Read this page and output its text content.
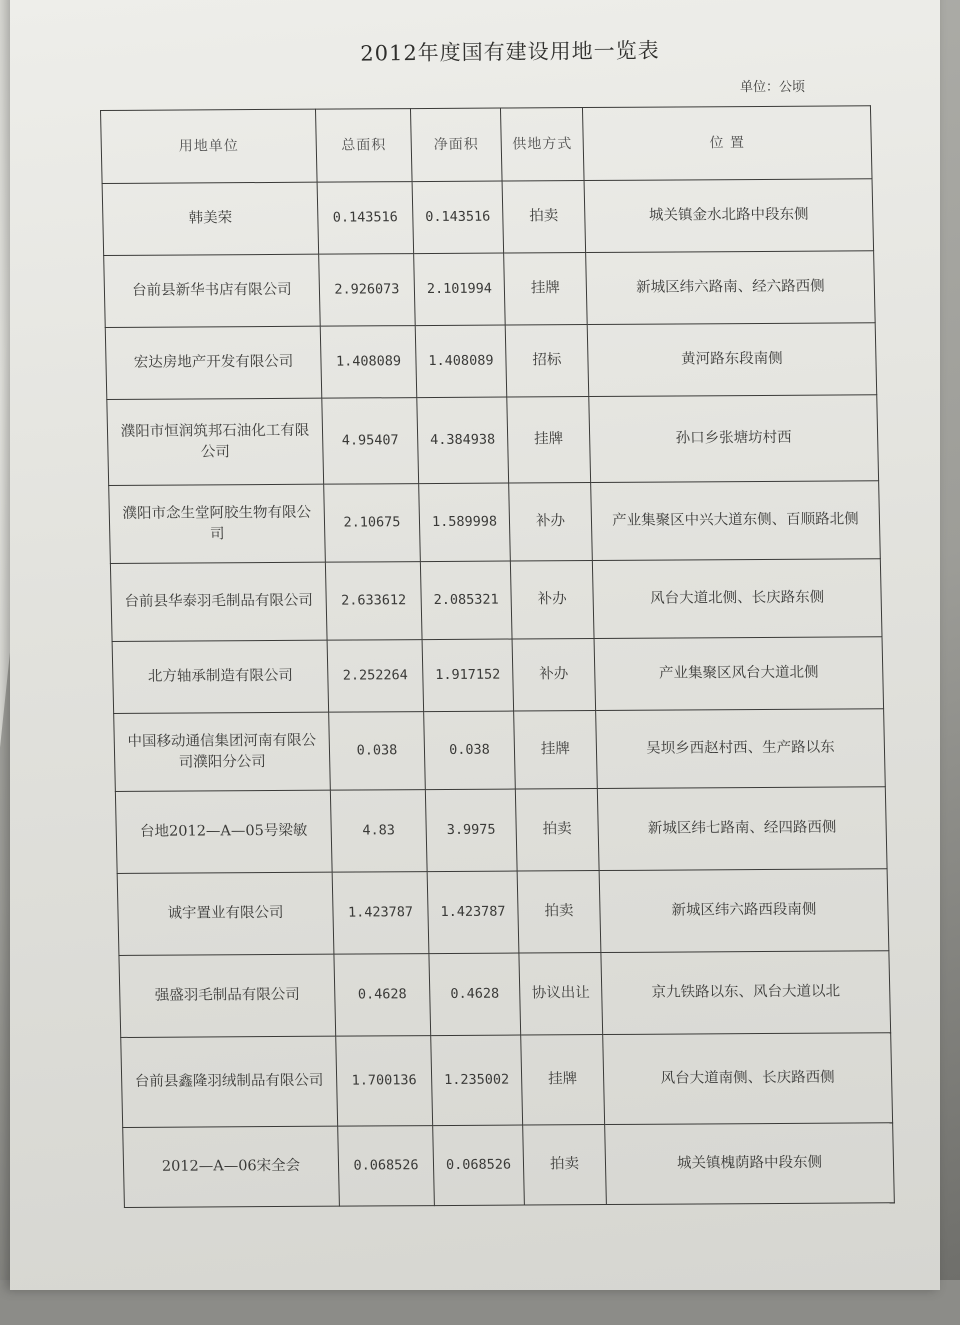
2012年度国有建设用地一览表
单位：公顷
用地单位	总面积	净面积	供地方式	位 置
韩美荣	0.143516	0.143516	拍卖	城关镇金水北路中段东侧
台前县新华书店有限公司	2.926073	2.101994	挂牌	新城区纬六路南、经六路西侧
宏达房地产开发有限公司	1.408089	1.408089	招标	黄河路东段南侧
濮阳市恒润筑邦石油化工有限公司	4.95407	4.384938	挂牌	孙口乡张塘坊村西
濮阳市念生堂阿胶生物有限公司	2.10675	1.589998	补办	产业集聚区中兴大道东侧、百顺路北侧
台前县华泰羽毛制品有限公司	2.633612	2.085321	补办	风台大道北侧、长庆路东侧
北方轴承制造有限公司	2.252264	1.917152	补办	产业集聚区风台大道北侧
中国移动通信集团河南有限公司濮阳分公司	0.038	0.038	挂牌	吴坝乡西赵村西、生产路以东
台地2012—A—05号梁敏	4.83	3.9975	拍卖	新城区纬七路南、经四路西侧
诚宇置业有限公司	1.423787	1.423787	拍卖	新城区纬六路西段南侧
强盛羽毛制品有限公司	0.4628	0.4628	协议出让	京九铁路以东、风台大道以北
台前县鑫隆羽绒制品有限公司	1.700136	1.235002	挂牌	风台大道南侧、长庆路西侧
2012—A—06宋全会	0.068526	0.068526	拍卖	城关镇槐荫路中段东侧
